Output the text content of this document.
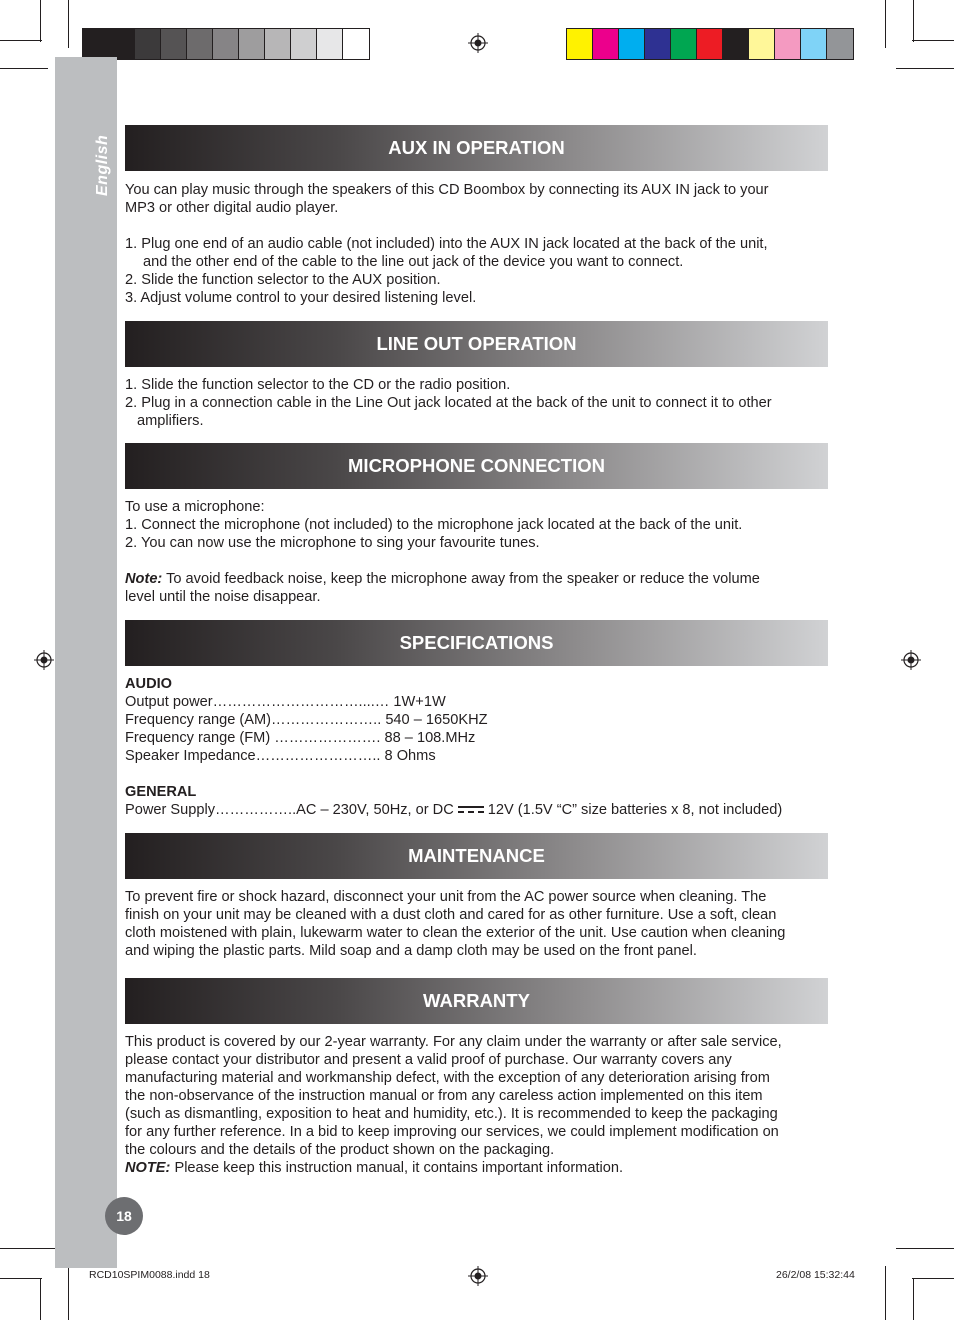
English	AUX IN OPERATION

You can play music through the speakers of this CD Boombox by connecting its AUX IN jack to your

MP3 or other digital audio player.

1. Plug one end of an audio cable (not included) into the AUX IN jack located at the back of the unit,

and the other end of the cable to the line out jack of the device you want to connect.

2. Slide the function selector to the AUX position.

3. Adjust volume control to your desired listening level.

LINE OUT OPERATION

1. Slide the function selector to the CD or the radio position.

2. Plug in a connection cable in the Line Out jack located at the back of the unit to connect it to other

amplifiers.

MICROPHONE CONNECTION

To use a microphone:

1. Connect the microphone (not included) to the microphone jack located at the back of the unit.

2. You can now use the microphone to sing your favourite tunes.

Note: To avoid feedback noise, keep the microphone away from the speaker or reduce the volume

level until the noise disappear.

SPECIFICATIONS

AUDIO

Output power…………………………....… 1W+1W

Frequency range (AM)………………….. 540 – 1650KHZ

Frequency range (FM) …………………. 88 – 108.MHz

Speaker Impedance…………………….. 8 Ohms

GENERAL

Power Supply……………..AC – 230V, 50Hz, or DC 12V (1.5V “C” size batteries x 8, not included)

MAINTENANCE

To prevent fire or shock hazard, disconnect your unit from the AC power source when cleaning. The

finish on your unit may be cleaned with a dust cloth and cared for as other furniture. Use a soft, clean

cloth moistened with plain, lukewarm water to clean the exterior of the unit. Use caution when cleaning

and wiping the plastic parts. Mild soap and a damp cloth may be used on the front panel.

WARRANTY

This product is covered by our 2-year warranty. For any claim under the warranty or after sale service,

please contact your distributor and present a valid proof of purchase. Our warranty covers any

manufacturing material and workmanship defect, with the exception of any deterioration arising from

the non-observance of the instruction manual or from any careless action implemented on this item

(such as dismantling, exposition to heat and humidity, etc.). It is recommended to keep the packaging

for any further reference. In a bid to keep improving our services, we could implement modification on

the colours and the details of the product shown on the packaging.

NOTE: Please keep this instruction manual, it contains important information.

18
RCD10SPIM0088.indd 18	26/2/08 15:32:44
